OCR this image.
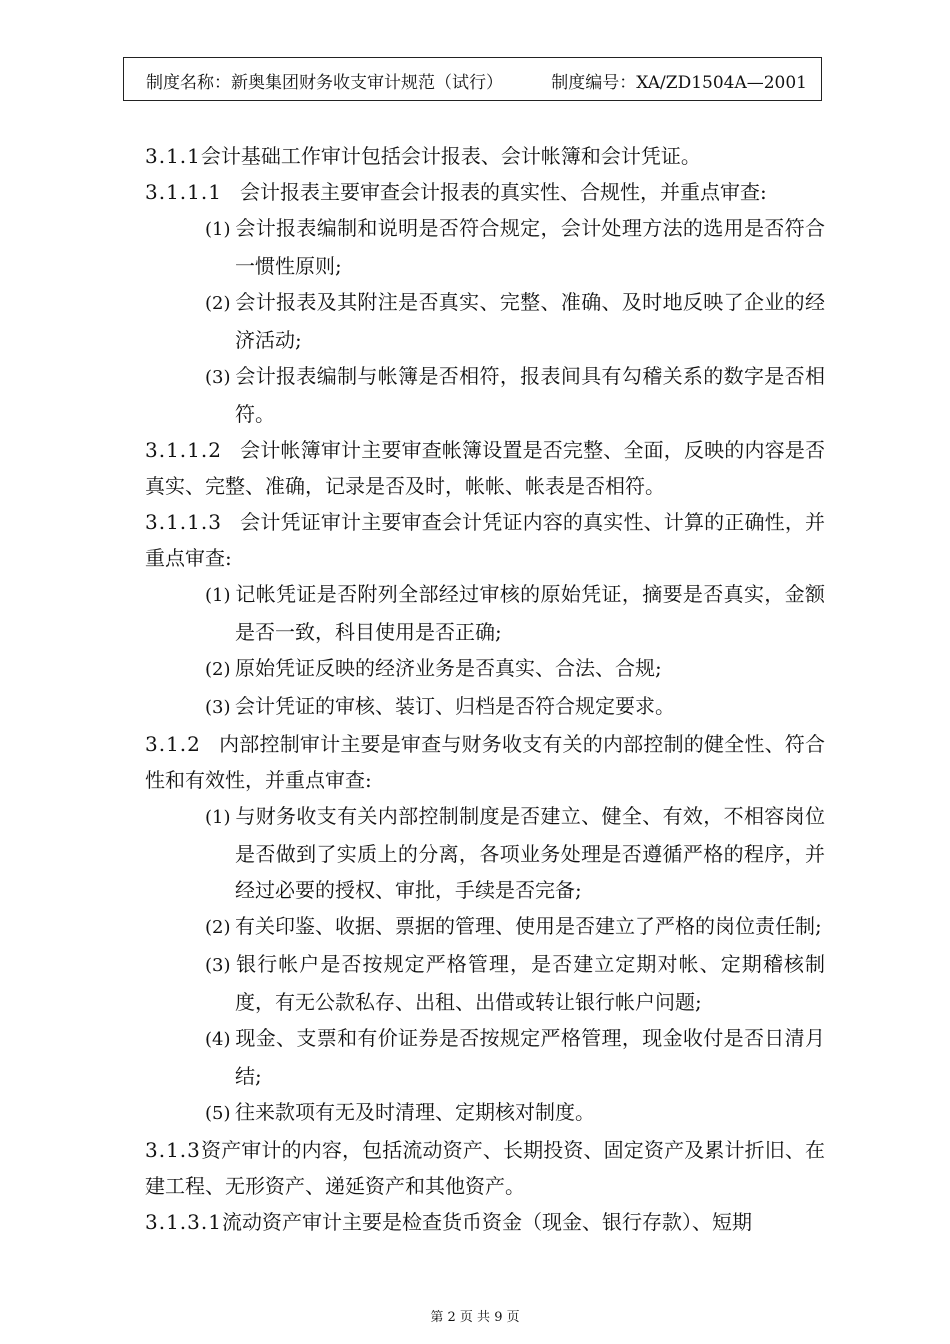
制度名称：新奥集团财务收支审计规范（试行）	制度编号：XA/ZD1504A—2001
3.1.1会计基础工作审计包括会计报表、会计帐簿和会计凭证。
3.1.1.1 会计报表主要审查会计报表的真实性、合规性，并重点审查:
(1) 会计报表编制和说明是否符合规定，会计处理方法的选用是否符合一惯性原则;
(2) 会计报表及其附注是否真实、完整、准确、及时地反映了企业的经济活动;
(3) 会计报表编制与帐簿是否相符，报表间具有勾稽关系的数字是否相符。
3.1.1.2 会计帐簿审计主要审查帐簿设置是否完整、全面，反映的内容是否真实、完整、准确，记录是否及时，帐帐、帐表是否相符。
3.1.1.3 会计凭证审计主要审查会计凭证内容的真实性、计算的正确性，并重点审查:
(1) 记帐凭证是否附列全部经过审核的原始凭证，摘要是否真实，金额是否一致，科目使用是否正确;
(2) 原始凭证反映的经济业务是否真实、合法、合规;
(3) 会计凭证的审核、装订、归档是否符合规定要求。
3.1.2 内部控制审计主要是审查与财务收支有关的内部控制的健全性、符合性和有效性，并重点审查:
(1) 与财务收支有关内部控制制度是否建立、健全、有效，不相容岗位是否做到了实质上的分离，各项业务处理是否遵循严格的程序，并经过必要的授权、审批，手续是否完备;
(2) 有关印鉴、收据、票据的管理、使用是否建立了严格的岗位责任制;
(3) 银行帐户是否按规定严格管理，是否建立定期对帐、定期稽核制度，有无公款私存、出租、出借或转让银行帐户问题;
(4) 现金、支票和有价证券是否按规定严格管理，现金收付是否日清月结;
(5) 往来款项有无及时清理、定期核对制度。
3.1.3资产审计的内容，包括流动资产、长期投资、固定资产及累计折旧、在建工程、无形资产、递延资产和其他资产。
3.1.3.1流动资产审计主要是检查货币资金（现金、银行存款）、短期
第 2 页 共 9 页
